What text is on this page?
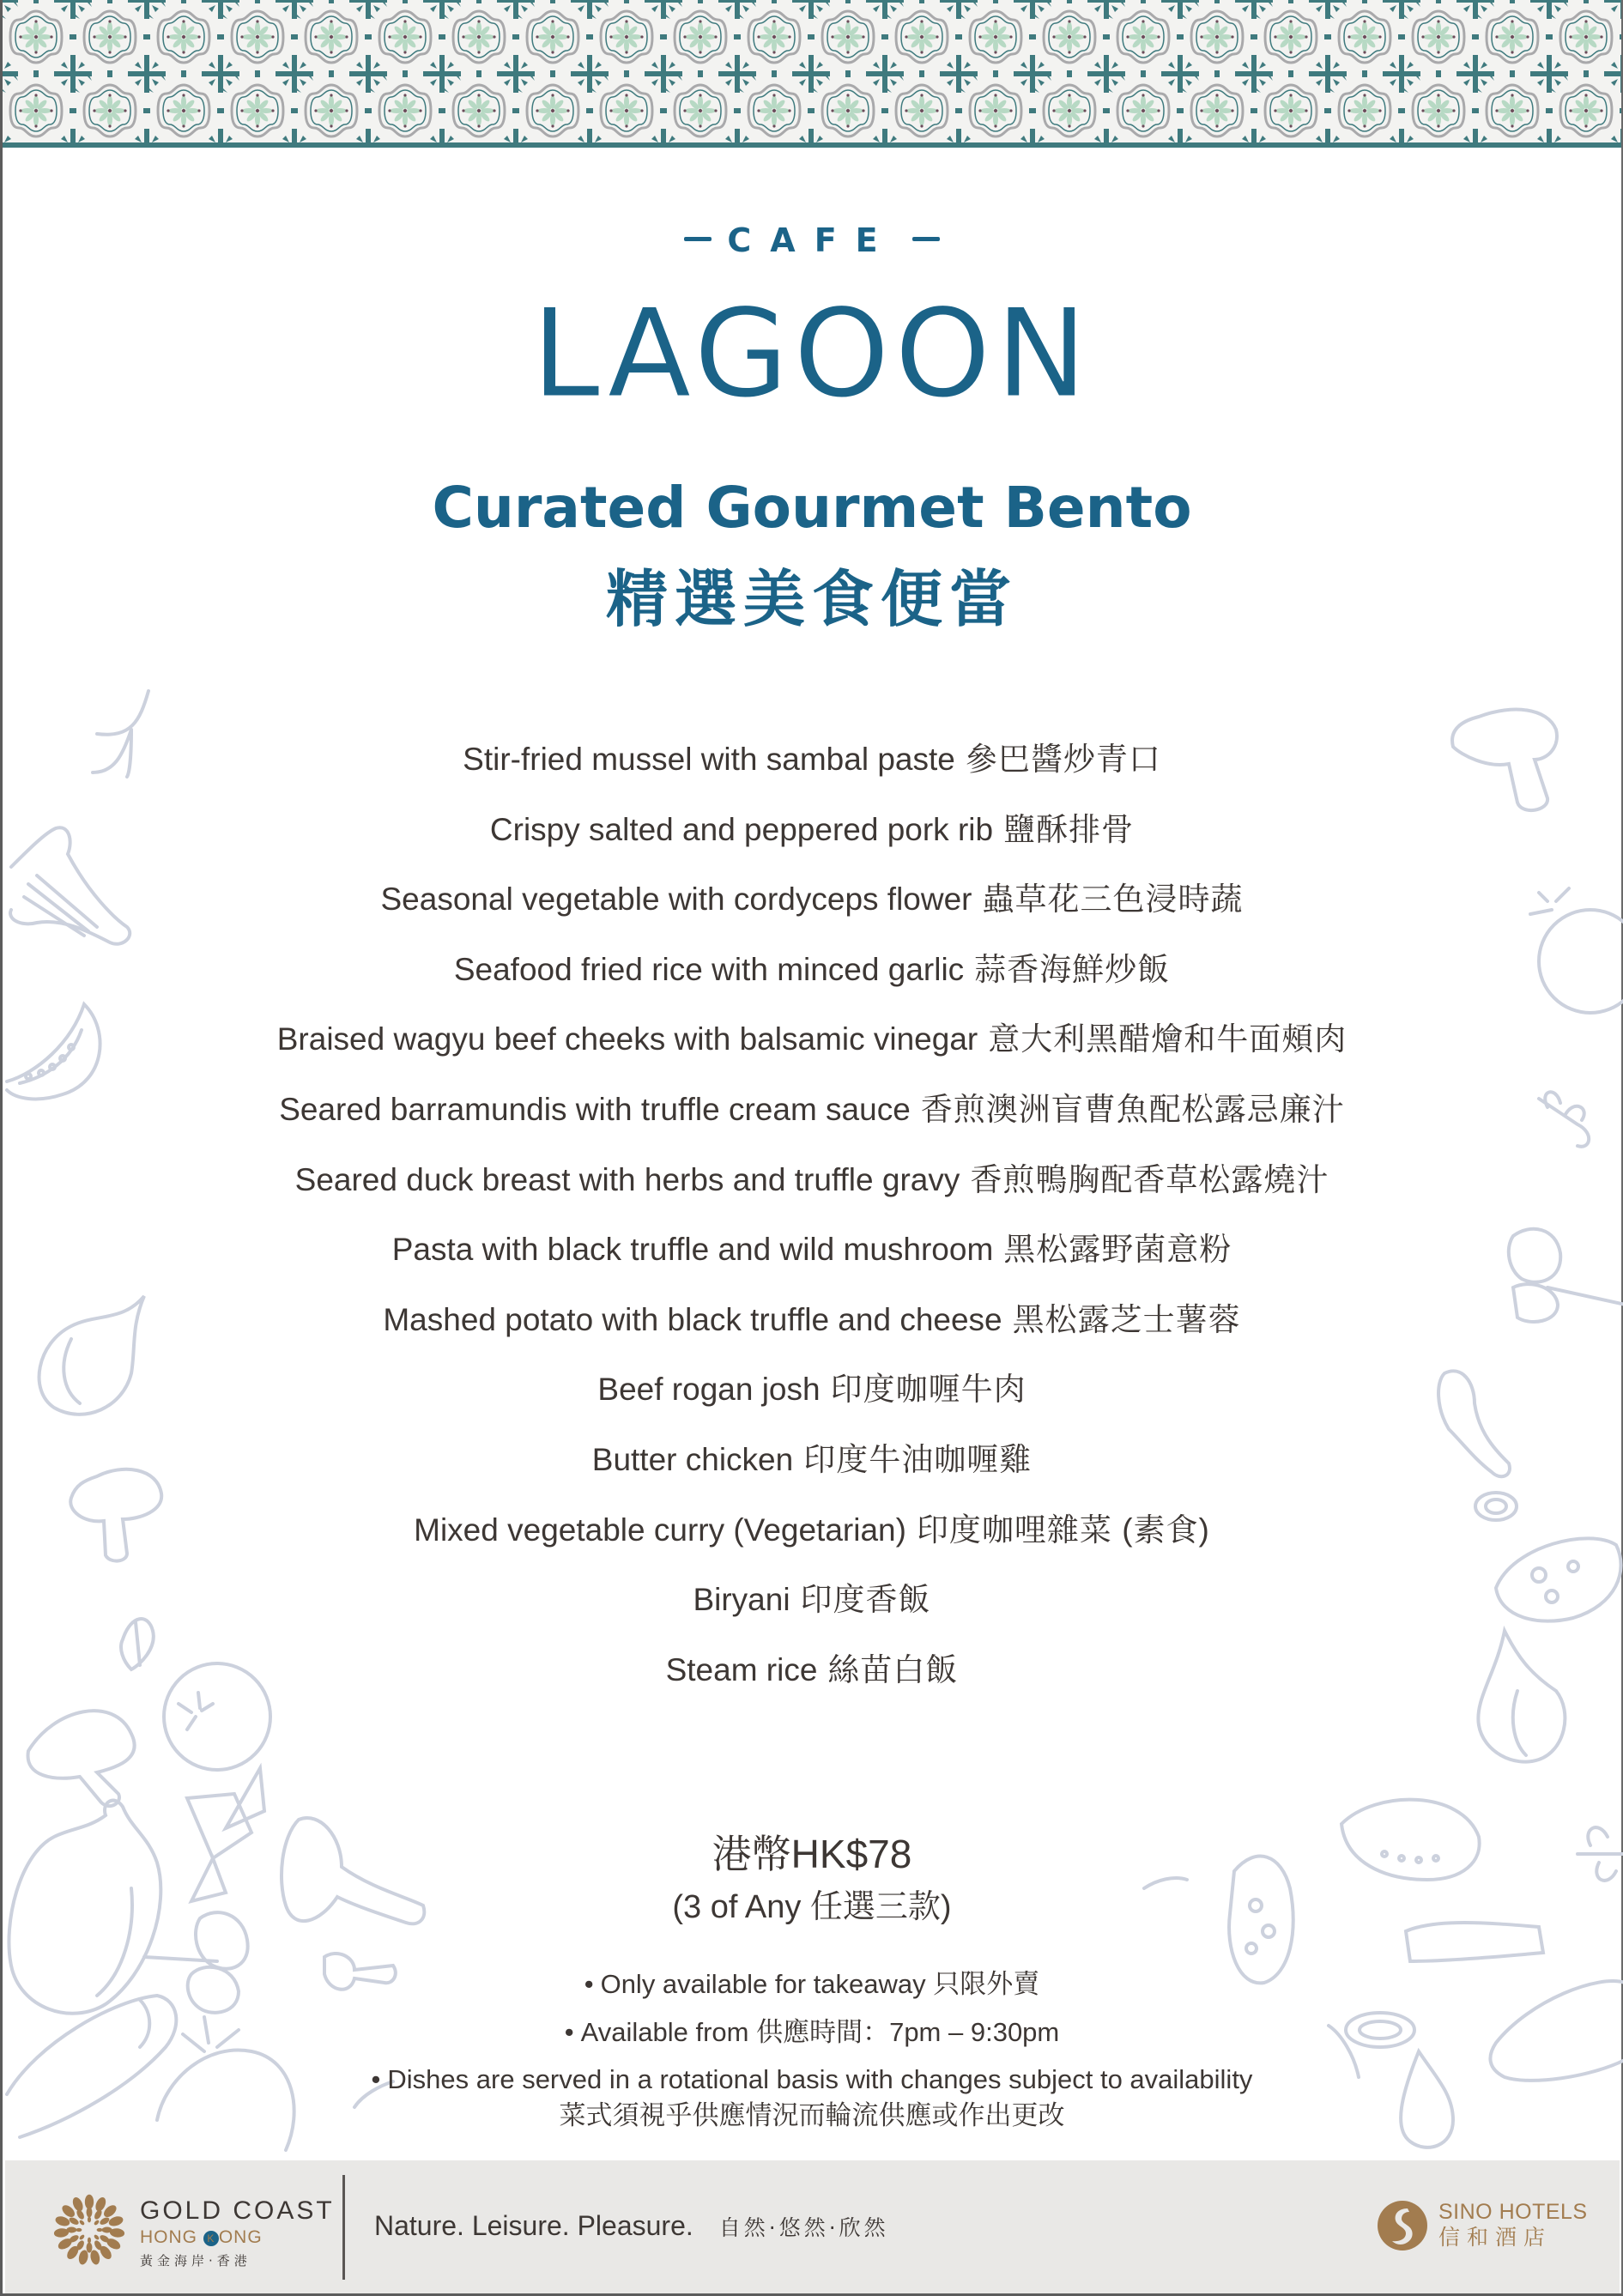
CAFE
LAGOON
Curated Gourmet Bento
精選美食便當
Stir-fried mussel with sambal paste 參巴醬炒青口
Crispy salted and peppered pork rib 鹽酥排骨
Seasonal vegetable with cordyceps flower 蟲草花三色浸時蔬
Seafood fried rice with minced garlic 蒜香海鮮炒飯
Braised wagyu beef cheeks with balsamic vinegar 意大利黑醋燴和牛面頰肉
Seared barramundis with truffle cream sauce 香煎澳洲盲曹魚配松露忌廉汁
Seared duck breast with herbs and truffle gravy 香煎鴨胸配香草松露燒汁
Pasta with black truffle and wild mushroom 黑松露野菌意粉
Mashed potato with black truffle and cheese 黑松露芝士薯蓉
Beef rogan josh 印度咖喱牛肉
Butter chicken 印度牛油咖喱雞
Mixed vegetable curry (Vegetarian) 印度咖哩雜菜 (素食)
Biryani 印度香飯
Steam rice 絲苗白飯
港幣HK$78
(3 of Any 任選三款)
• Only available for takeaway 只限外賣
• Available from 供應時間：7pm – 9:30pm
• Dishes are served in a rotational basis with changes subject to availability
菜式須視乎供應情況而輪流供應或作出更改
GOLD COAST
HONG K ONG
黃金海岸·香港
Nature. Leisure. Pleasure. 自然·悠然·欣然
SINO HOTELS
信和酒店
